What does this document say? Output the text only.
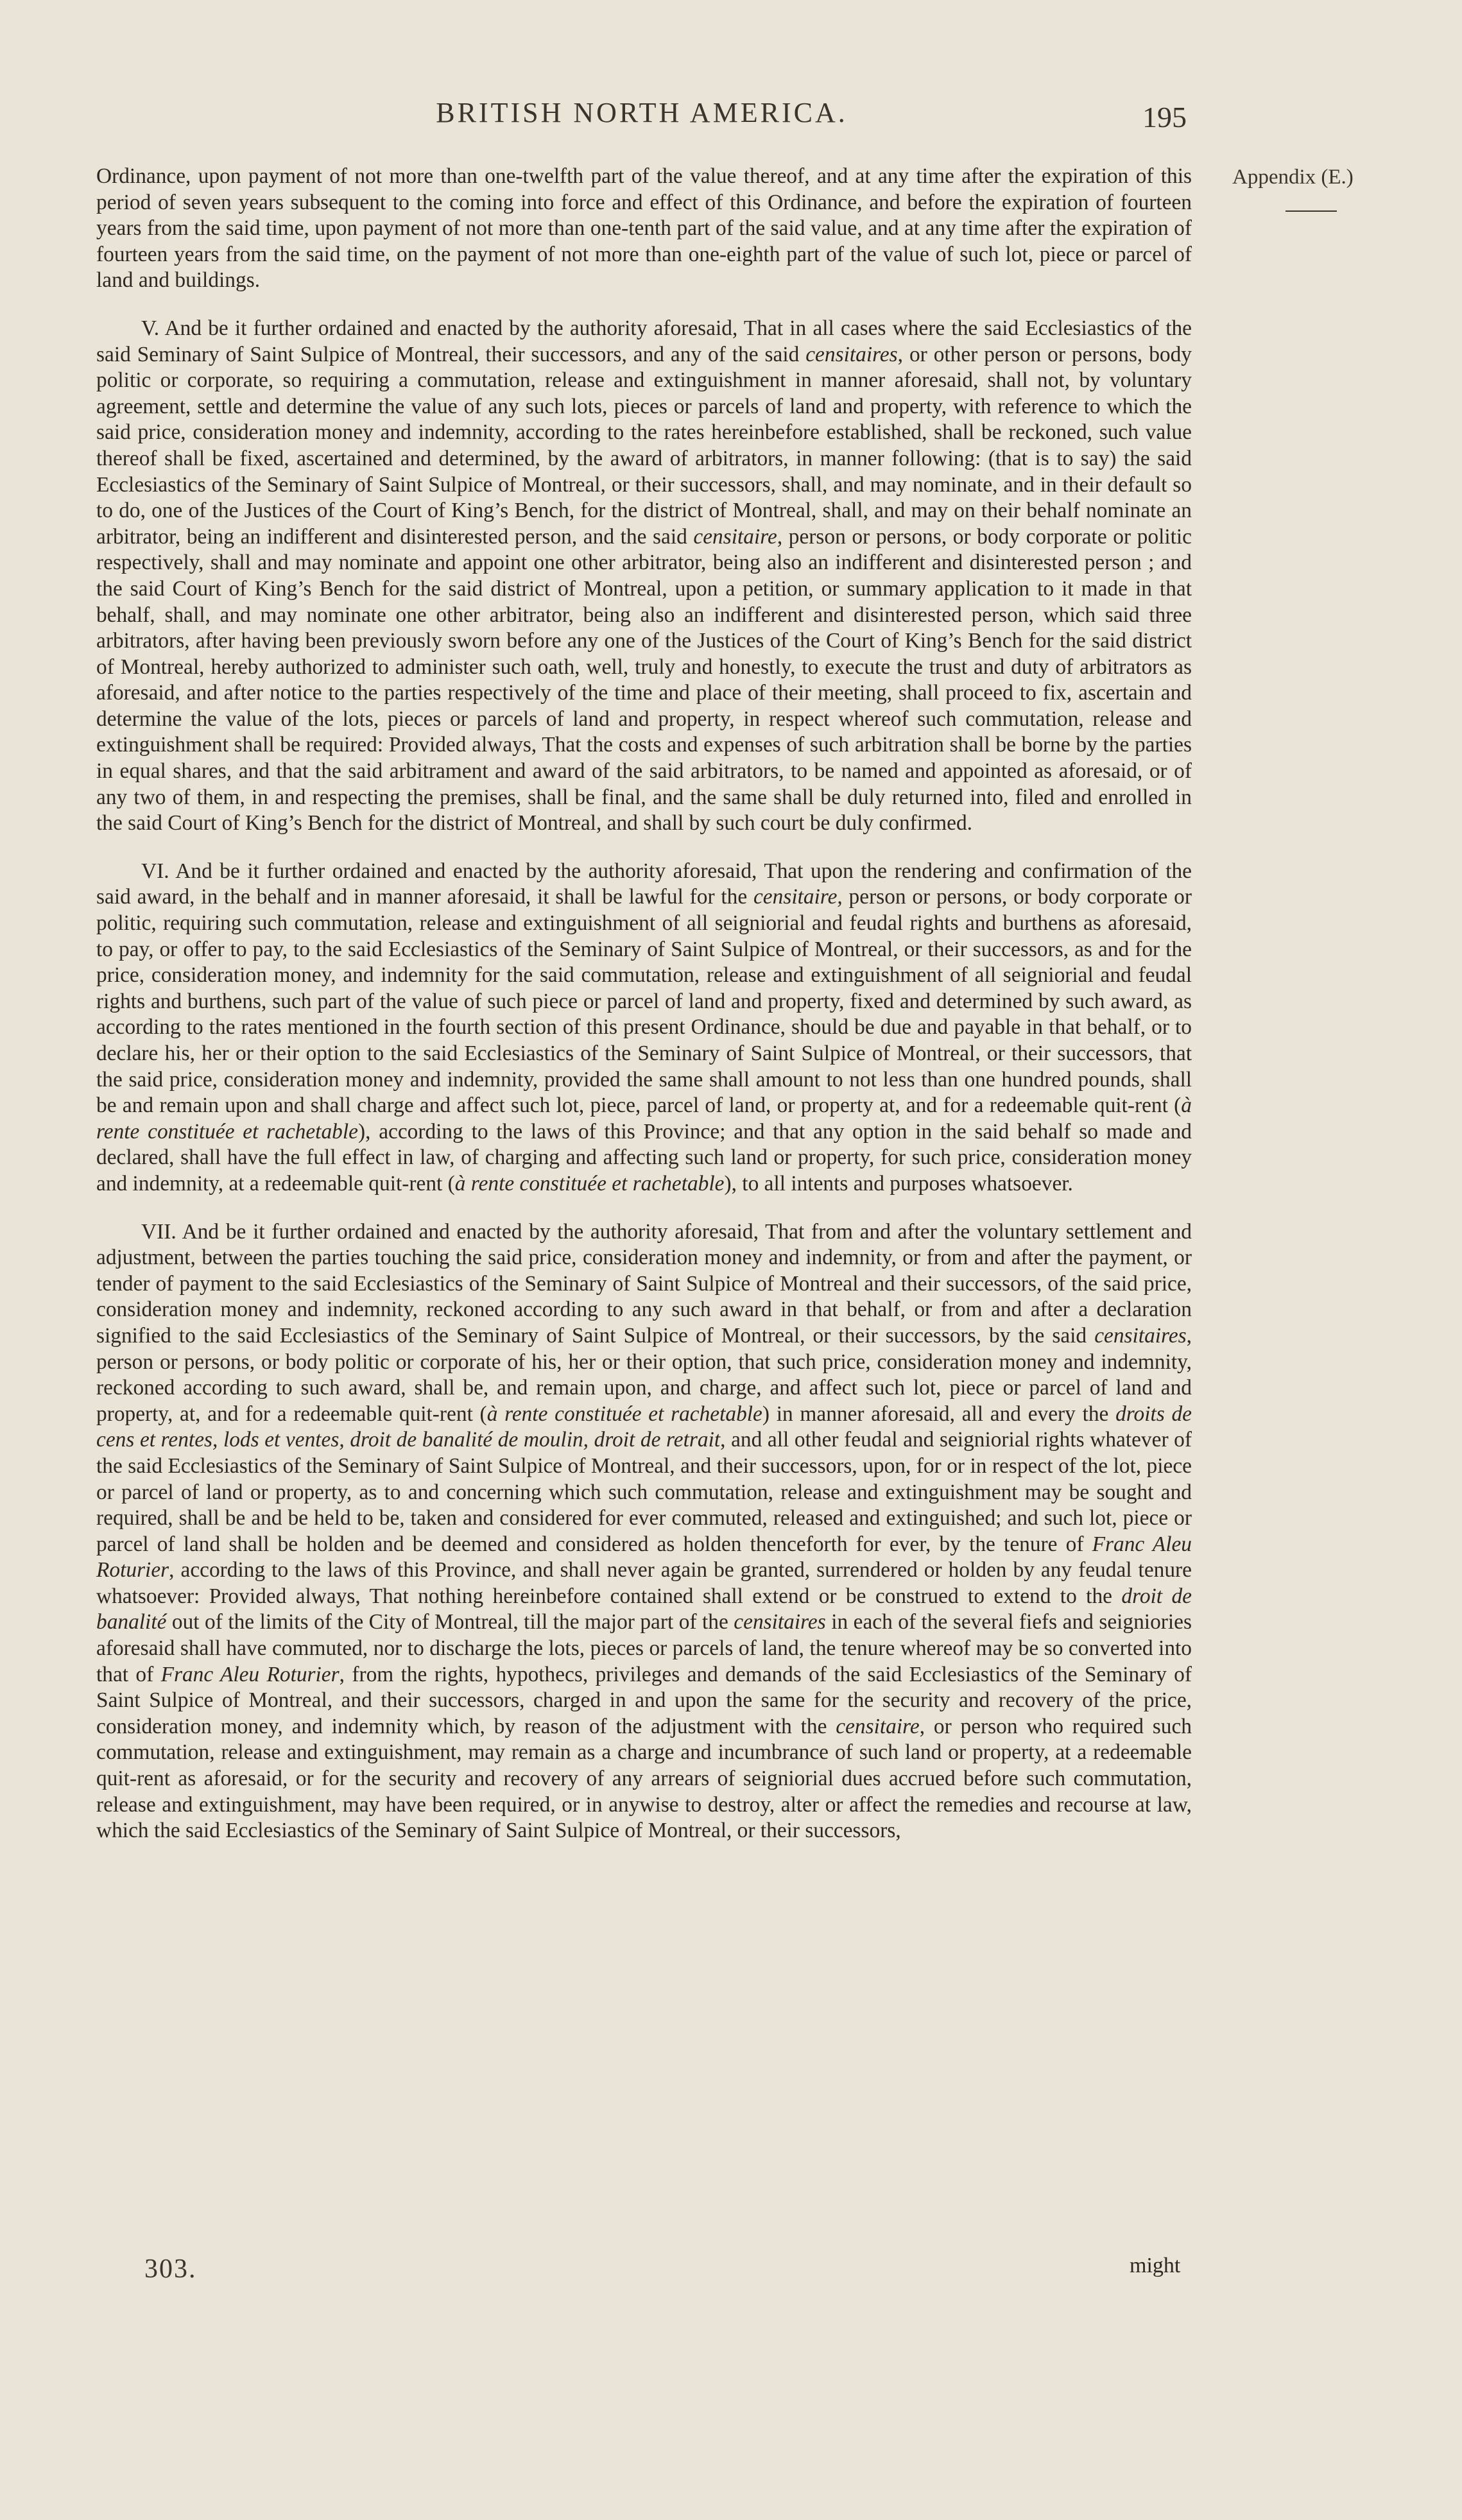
BRITISH NORTH AMERICA.	195
Appendix (E.)

Ordinance, upon payment of not more than one-twelfth part of the value thereof, and at any time after the expiration of this period of seven years subsequent to the coming into force and effect of this Ordinance, and before the expiration of fourteen years from the said time, upon payment of not more than one-tenth part of the said value, and at any time after the expiration of fourteen years from the said time, on the payment of not more than one-eighth part of the value of such lot, piece or parcel of land and buildings.

V. And be it further ordained and enacted by the authority aforesaid, That in all cases where the said Ecclesiastics of the said Seminary of Saint Sulpice of Montreal, their successors, and any of the said censitaires, or other person or persons, body politic or corporate, so requiring a commutation, release and extinguishment in manner aforesaid, shall not, by voluntary agreement, settle and determine the value of any such lots, pieces or parcels of land and property, with reference to which the said price, consideration money and indemnity, according to the rates hereinbefore established, shall be reckoned, such value thereof shall be fixed, ascertained and determined, by the award of arbitrators, in manner following: (that is to say) the said Ecclesiastics of the Seminary of Saint Sulpice of Montreal, or their successors, shall, and may nominate, and in their default so to do, one of the Justices of the Court of King’s Bench, for the district of Montreal, shall, and may on their behalf nominate an arbitrator, being an indifferent and disinterested person, and the said censitaire, person or persons, or body corporate or politic respectively, shall and may nominate and appoint one other arbitrator, being also an indifferent and disinterested person ; and the said Court of King’s Bench for the said district of Montreal, upon a petition, or summary application to it made in that behalf, shall, and may nominate one other arbitrator, being also an indifferent and disinterested person, which said three arbitrators, after having been previously sworn before any one of the Justices of the Court of King’s Bench for the said district of Montreal, hereby authorized to administer such oath, well, truly and honestly, to execute the trust and duty of arbitrators as aforesaid, and after notice to the parties respectively of the time and place of their meeting, shall proceed to fix, ascertain and determine the value of the lots, pieces or parcels of land and property, in respect whereof such commutation, release and extinguishment shall be required: Provided always, That the costs and expenses of such arbitration shall be borne by the parties in equal shares, and that the said arbitrament and award of the said arbitrators, to be named and appointed as aforesaid, or of any two of them, in and respecting the premises, shall be final, and the same shall be duly returned into, filed and enrolled in the said Court of King’s Bench for the district of Montreal, and shall by such court be duly confirmed.

VI. And be it further ordained and enacted by the authority aforesaid, That upon the rendering and confirmation of the said award, in the behalf and in manner aforesaid, it shall be lawful for the censitaire, person or persons, or body corporate or politic, requiring such commutation, release and extinguishment of all seigniorial and feudal rights and burthens as aforesaid, to pay, or offer to pay, to the said Ecclesiastics of the Seminary of Saint Sulpice of Montreal, or their successors, as and for the price, consideration money, and indemnity for the said commutation, release and extinguishment of all seigniorial and feudal rights and burthens, such part of the value of such piece or parcel of land and property, fixed and determined by such award, as according to the rates mentioned in the fourth section of this present Ordinance, should be due and payable in that behalf, or to declare his, her or their option to the said Ecclesiastics of the Seminary of Saint Sulpice of Montreal, or their successors, that the said price, consideration money and indemnity, provided the same shall amount to not less than one hundred pounds, shall be and remain upon and shall charge and affect such lot, piece, parcel of land, or property at, and for a redeemable quit-rent (à rente constituée et rachetable), according to the laws of this Province; and that any option in the said behalf so made and declared, shall have the full effect in law, of charging and affecting such land or property, for such price, consideration money and indemnity, at a redeemable quit-rent (à rente constituée et rachetable), to all intents and purposes whatsoever.

VII. And be it further ordained and enacted by the authority aforesaid, That from and after the voluntary settlement and adjustment, between the parties touching the said price, consideration money and indemnity, or from and after the payment, or tender of payment to the said Ecclesiastics of the Seminary of Saint Sulpice of Montreal and their successors, of the said price, consideration money and indemnity, reckoned according to any such award in that behalf, or from and after a declaration signified to the said Ecclesiastics of the Seminary of Saint Sulpice of Montreal, or their successors, by the said censitaires, person or persons, or body politic or corporate of his, her or their option, that such price, consideration money and indemnity, reckoned according to such award, shall be, and remain upon, and charge, and affect such lot, piece or parcel of land and property, at, and for a redeemable quit-rent (à rente constituée et rachetable) in manner aforesaid, all and every the droits de cens et rentes, lods et ventes, droit de banalité de moulin, droit de retrait, and all other feudal and seigniorial rights whatever of the said Ecclesiastics of the Seminary of Saint Sulpice of Montreal, and their successors, upon, for or in respect of the lot, piece or parcel of land or property, as to and concerning which such commutation, release and extinguishment may be sought and required, shall be and be held to be, taken and considered for ever commuted, released and extinguished; and such lot, piece or parcel of land shall be holden and be deemed and considered as holden thenceforth for ever, by the tenure of Franc Aleu Roturier, according to the laws of this Province, and shall never again be granted, surrendered or holden by any feudal tenure whatsoever: Provided always, That nothing hereinbefore contained shall extend or be construed to extend to the droit de banalité out of the limits of the City of Montreal, till the major part of the censitaires in each of the several fiefs and seigniories aforesaid shall have commuted, nor to discharge the lots, pieces or parcels of land, the tenure whereof may be so converted into that of Franc Aleu Roturier, from the rights, hypothecs, privileges and demands of the said Ecclesiastics of the Seminary of Saint Sulpice of Montreal, and their successors, charged in and upon the same for the security and recovery of the price, consideration money, and indemnity which, by reason of the adjustment with the censitaire, or person who required such commutation, release and extinguishment, may remain as a charge and incumbrance of such land or property, at a redeemable quit-rent as aforesaid, or for the security and recovery of any arrears of seigniorial dues accrued before such commutation, release and extinguishment, may have been required, or in anywise to destroy, alter or affect the remedies and recourse at law, which the said Ecclesiastics of the Seminary of Saint Sulpice of Montreal, or their successors,

303.	might
